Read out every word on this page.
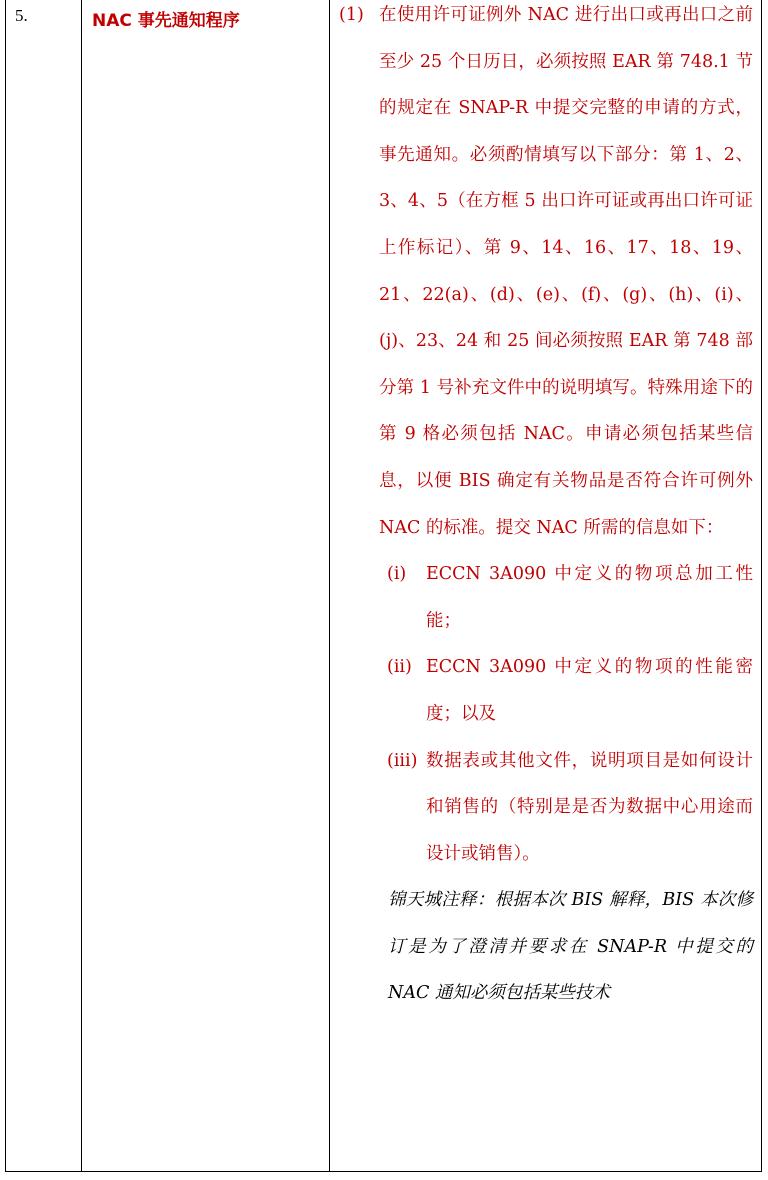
5.	NAC 事先通知程序	(1) 在使用许可证例外 NAC 进行出口或再出口之前至少 25 个日历日，必须按照 EAR 第 748.1 节的规定在 SNAP-R 中提交完整的申请的方式，事先通知。必须酌情填写以下部分：第 1、2、3、4、5（在方框 5 出口许可证或再出口许可证上作标记）、第 9、14、16、17、18、19、21、22(a)、(d)、(e)、(f)、(g)、(h)、(i)、(j)、23、24 和 25 间必须按照 EAR 第 748 部分第 1 号补充文件中的说明填写。特殊用途下的第 9 格必须包括 NAC。申请必须包括某些信息，以便 BIS 确定有关物品是否符合许可例外 NAC 的标准。提交 NAC 所需的信息如下：
(i) ECCN 3A090 中定义的物项总加工性能；
(ii) ECCN 3A090 中定义的物项的性能密度；以及
(iii) 数据表或其他文件，说明项目是如何设计和销售的（特别是是否为数据中心用途而设计或销售）。
锦天城注释：根据本次 BIS 解释，BIS 本次修订是为了澄清并要求在 SNAP-R 中提交的 NAC 通知必须包括某些技术
